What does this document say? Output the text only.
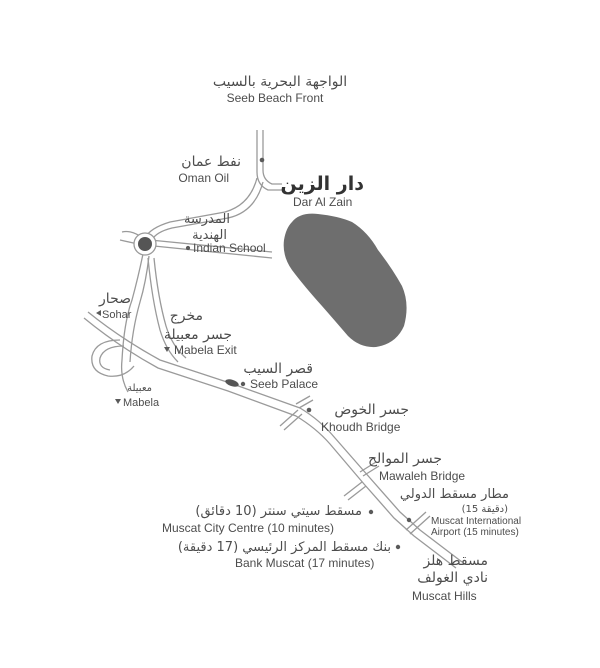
الواجهة البحرية بالسيب
Seeb Beach Front
نفط عمان
Oman Oil	دار الزين
Dar Al Zain
المدرسة
الهندية
Indian School
صحار
Sohar	مخرج
جسر معبيلة
Mabela Exit
قصر السيب
Seeb Palace
معبيلة
Mabela	جسر الخوض
Khoudh Bridge
جسر الموالح
Mawaleh Bridge
مطار مسقط الدولي
(15 دقيقة)
Muscat International
Airport (15 minutes)
مسقط سيتي سنتر (10 دقائق)
Muscat City Centre (10 minutes)
بنك مسقط المركز الرئيسي (17 دقيقة)
Bank Muscat (17 minutes)	مسقط هلز
نادي الغولف
Muscat Hills
